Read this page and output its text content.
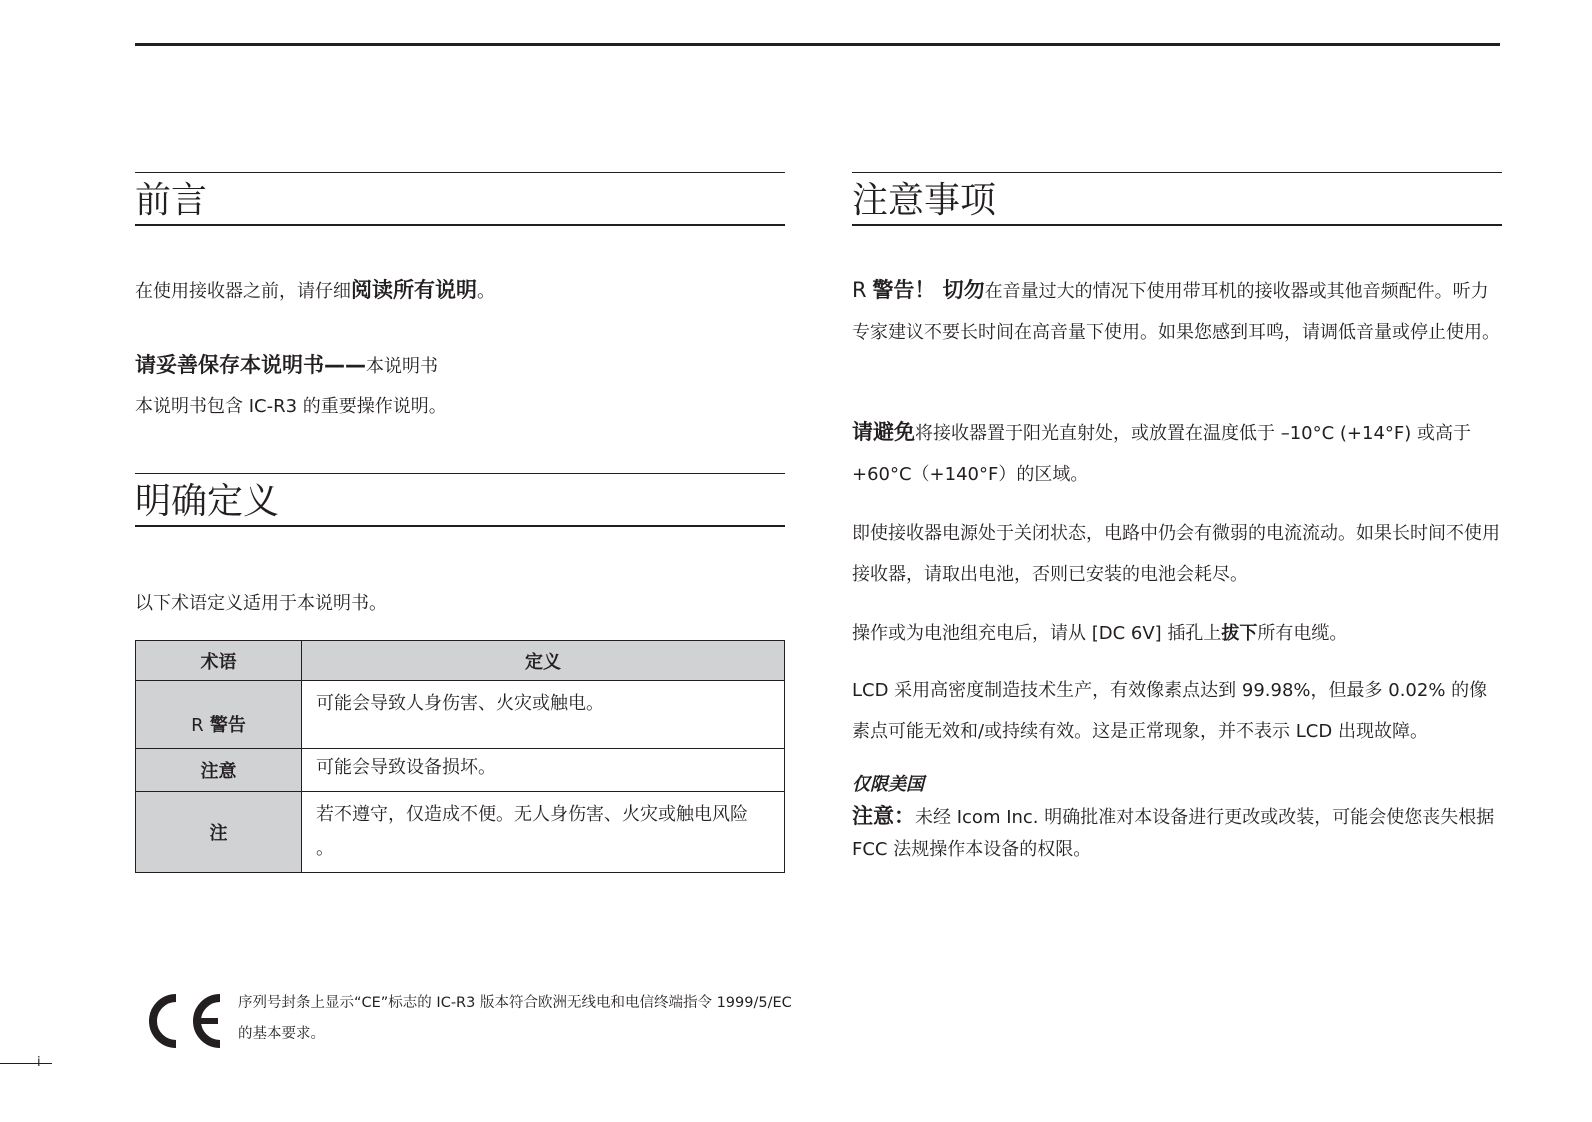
前言
在使用接收器之前，请仔细阅读所有说明。
请妥善保存本说明书——本说明书
本说明书包含 IC-R3 的重要操作说明。
明确定义
以下术语定义适用于本说明书。
术语	定义
R 警告	可能会导致人身伤害、火灾或触电。
注意	可能会导致设备损坏。
注	若不遵守，仅造成不便。无人身伤害、火灾或触电风险
。
序列号封条上显示“CE”标志的 IC-R3 版本符合欧洲无线电和电信终端指令 1999/5/EC 的基本要求。
注意事项
R 警告！ 切勿在音量过大的情况下使用带耳机的接收器或其他音频配件。听力专家建议不要长时间在高音量下使用。如果您感到耳鸣，请调低音量或停止使用。
请避免将接收器置于阳光直射处，或放置在温度低于 –10°C (+14°F) 或高于 +60°C（+140°F）的区域。
即使接收器电源处于关闭状态，电路中仍会有微弱的电流流动。如果长时间不使用接收器，请取出电池，否则已安装的电池会耗尽。
操作或为电池组充电后，请从 [DC 6V] 插孔上拔下所有电缆。
LCD 采用高密度制造技术生产，有效像素点达到 99.98%，但最多 0.02% 的像素点可能无效和/或持续有效。这是正常现象，并不表示 LCD 出现故障。
仅限美国
注意：未经 Icom Inc. 明确批准对本设备进行更改或改装，可能会使您丧失根据 FCC 法规操作本设备的权限。
